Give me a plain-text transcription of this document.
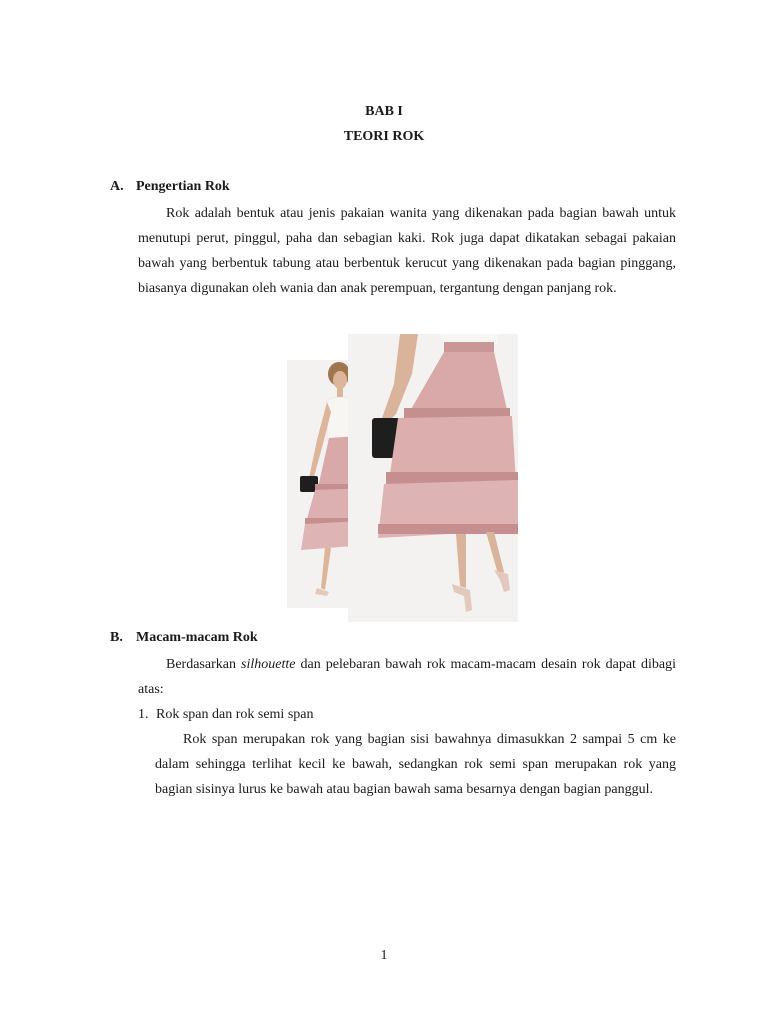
BAB I
TEORI ROK
A. Pengertian Rok

Rok adalah bentuk atau jenis pakaian wanita yang dikenakan pada bagian bawah untuk menutupi perut, pinggul, paha dan sebagian kaki. Rok juga dapat dikatakan sebagai pakaian bawah yang berbentuk tabung atau berbentuk kerucut yang dikenakan pada bagian pinggang, biasanya digunakan oleh wania dan anak perempuan, tergantung dengan panjang rok.

B. Macam-macam Rok

Berdasarkan silhouette dan pelebaran bawah rok macam-macam desain rok dapat dibagi atas:

1. Rok span dan rok semi span

Rok span merupakan rok yang bagian sisi bawahnya dimasukkan 2 sampai 5 cm ke dalam sehingga terlihat kecil ke bawah, sedangkan rok semi span merupakan rok yang bagian sisinya lurus ke bawah atau bagian bawah sama besarnya dengan bagian panggul.

1
